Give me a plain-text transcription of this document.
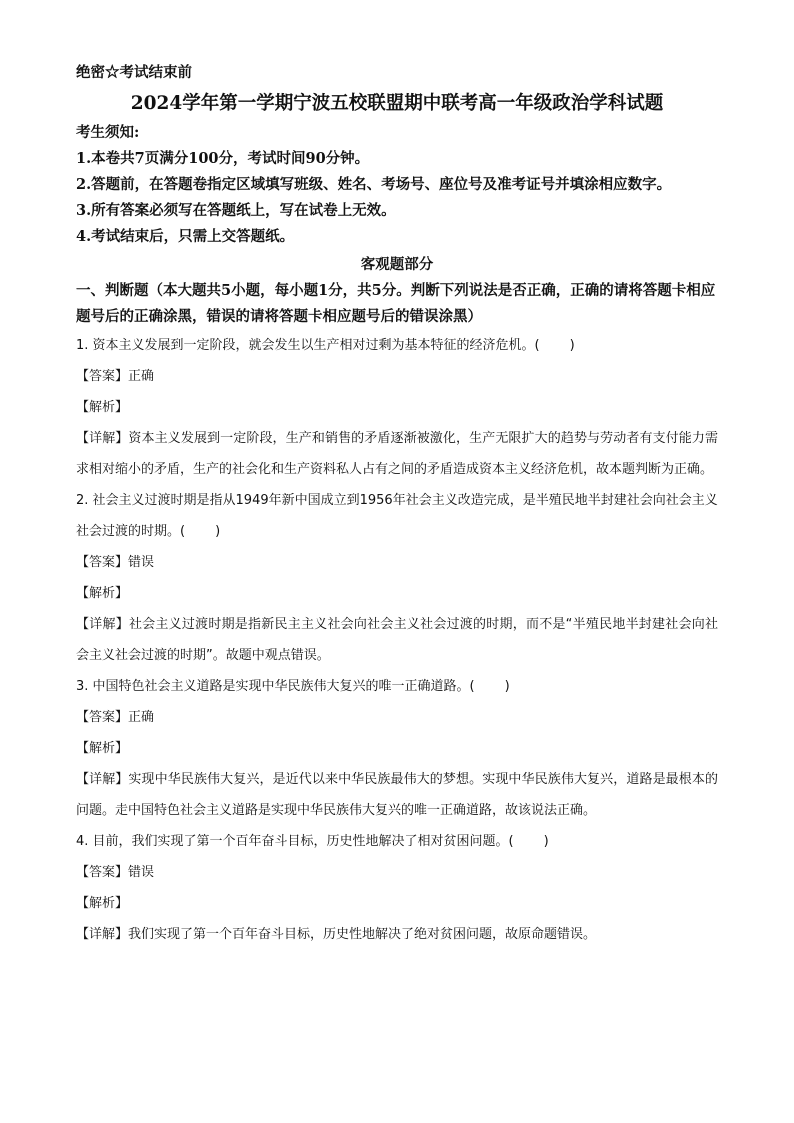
绝密☆考试结束前
2024学年第一学期宁波五校联盟期中联考高一年级政治学科试题
考生须知:
1.本卷共7页满分100分，考试时间90分钟。
2.答题前，在答题卷指定区域填写班级、姓名、考场号、座位号及准考证号并填涂相应数字。
3.所有答案必须写在答题纸上，写在试卷上无效。
4.考试结束后，只需上交答题纸。
客观题部分
一、判断题（本大题共5小题，每小题1分，共5分。判断下列说法是否正确，正确的请将答题卡相应题号后的正确涂黑，错误的请将答题卡相应题号后的错误涂黑）
1. 资本主义发展到一定阶段，就会发生以生产相对过剩为基本特征的经济危机。( )
【答案】正确
【解析】
【详解】资本主义发展到一定阶段，生产和销售的矛盾逐渐被激化，生产无限扩大的趋势与劳动者有支付能力需求相对缩小的矛盾，生产的社会化和生产资料私人占有之间的矛盾造成资本主义经济危机，故本题判断为正确。
2. 社会主义过渡时期是指从1949年新中国成立到1956年社会主义改造完成，是半殖民地半封建社会向社会主义社会过渡的时期。( )
【答案】错误
【解析】
【详解】社会主义过渡时期是指新民主主义社会向社会主义社会过渡的时期，而不是“半殖民地半封建社会向社会主义社会过渡的时期”。故题中观点错误。
3. 中国特色社会主义道路是实现中华民族伟大复兴的唯一正确道路。( )
【答案】正确
【解析】
【详解】实现中华民族伟大复兴，是近代以来中华民族最伟大的梦想。实现中华民族伟大复兴，道路是最根本的问题。走中国特色社会主义道路是实现中华民族伟大复兴的唯一正确道路，故该说法正确。
4. 目前，我们实现了第一个百年奋斗目标，历史性地解决了相对贫困问题。( )
【答案】错误
【解析】
【详解】我们实现了第一个百年奋斗目标，历史性地解决了绝对贫困问题，故原命题错误。
